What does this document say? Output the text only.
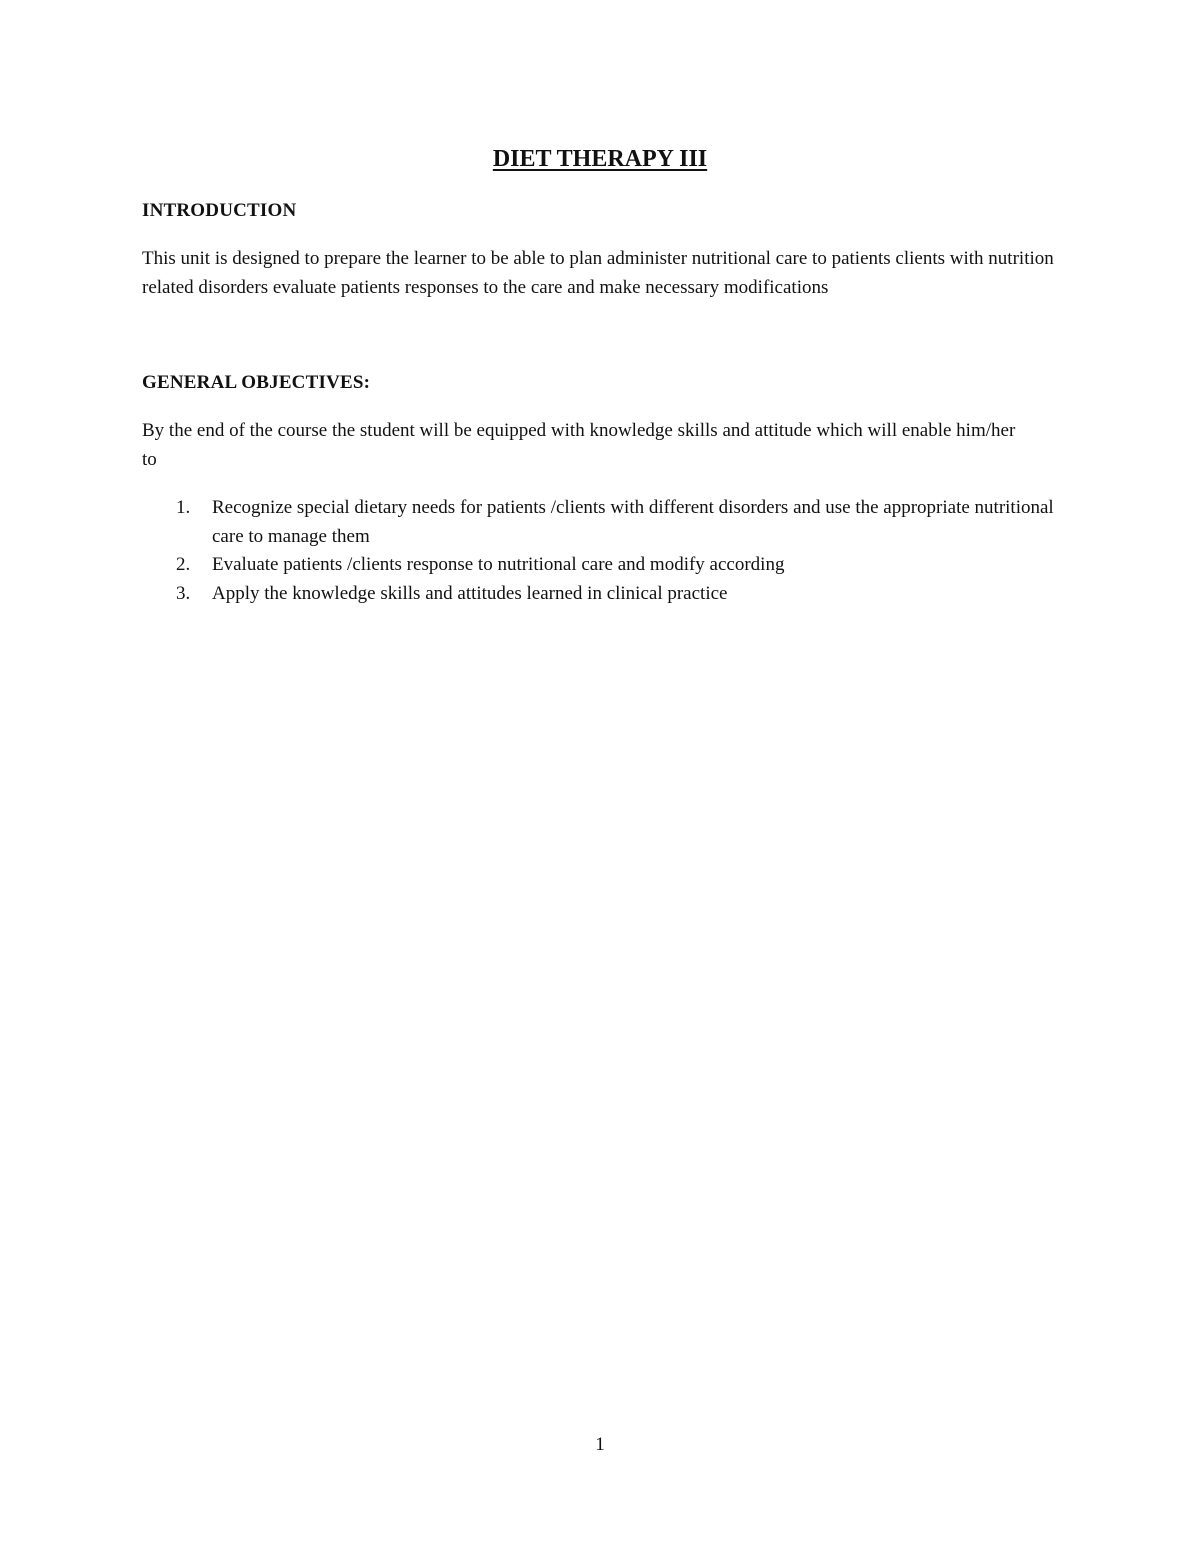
DIET THERAPY III
INTRODUCTION

This unit is designed to prepare the learner to be able to plan administer nutritional care to patients clients with nutrition related disorders evaluate patients responses to the care and make necessary modifications

GENERAL OBJECTIVES:

By the end of the course the student will be equipped with knowledge skills and attitude which will enable him/her to

1. Recognize special dietary needs for patients /clients with different disorders and use the appropriate nutritional care to manage them
2. Evaluate patients /clients response to nutritional care and modify according
3. Apply the knowledge skills and attitudes learned in clinical practice
1
